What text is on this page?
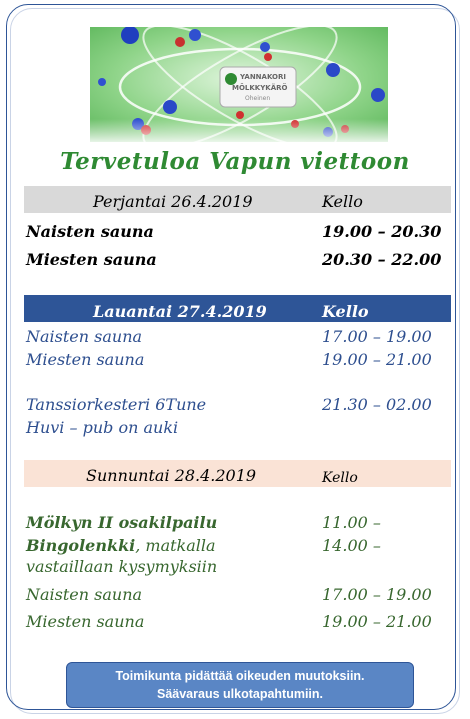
Tervetuloa Vapun viettoon
Perjantai 26.4.2019	Kello
Naisten sauna	19.00 – 20.30
Miesten sauna	20.30 – 22.00
Lauantai 27.4.2019	Kello
Naisten sauna	17.00 – 19.00
Miesten sauna	19.00 – 21.00
Tanssiorkesteri 6Tune	21.30 – 02.00
Huvi – pub on auki
Sunnuntai 28.4.2019	Kello
Mölkyn II osakilpailu	11.00 –
Bingolenkki, matkalla	14.00 –
vastaillaan kysymyksiin
Naisten sauna	17.00 – 19.00
Miesten sauna	19.00 – 21.00
Toimikunta pidättää oikeuden muutoksiin.
Säävaraus ulkotapahtumiin.
